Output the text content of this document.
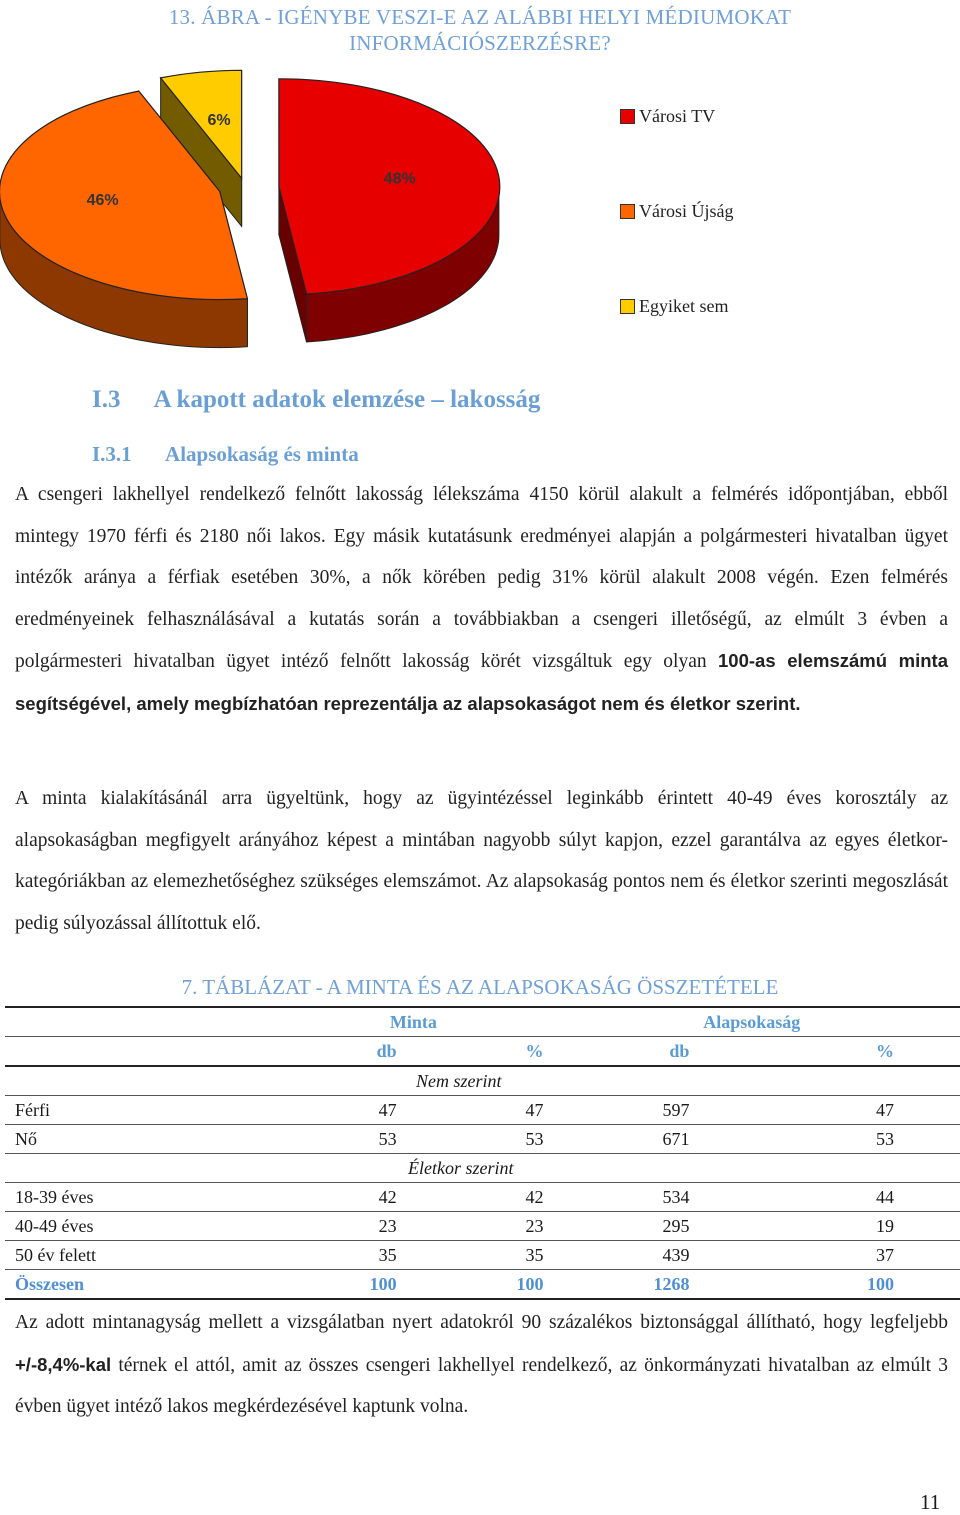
13. ÁBRA - IGÉNYBE VESZI-E AZ ALÁBBI HELYI MÉDIUMOKAT
INFORMÁCIÓSZERZÉSRE?
48%
46%
6%	Városi TV
Városi Újság
Egyiket sem
I.3 A kapott adatok elemzése – lakosság
I.3.1 Alapsokaság és minta
A csengeri lakhellyel rendelkező felnőtt lakosság lélekszáma 4150 körül alakult a felmérés időpontjában, ebből mintegy 1970 férfi és 2180 női lakos. Egy másik kutatásunk eredményei alapján a polgármesteri hivatalban ügyet intézők aránya a férfiak esetében 30%, a nők körében pedig 31% körül alakult 2008 végén. Ezen felmérés eredményeinek felhasználásával a kutatás során a továbbiakban a csengeri illetőségű, az elmúlt 3 évben a polgármesteri hivatalban ügyet intéző felnőtt lakosság körét vizsgáltuk egy olyan 100-as elemszámú minta segítségével, amely megbízhatóan reprezentálja az alapsokaságot nem és életkor szerint.
A minta kialakításánál arra ügyeltünk, hogy az ügyintézéssel leginkább érintett 40-49 éves korosztály az alapsokaságban megfigyelt arányához képest a mintában nagyobb súlyt kapjon, ezzel garantálva az egyes életkor-kategóriákban az elemezhetőséghez szükséges elemszámot. Az alapsokaság pontos nem és életkor szerinti megoszlását pedig súlyozással állítottuk elő.
7. TÁBLÁZAT - A MINTA ÉS AZ ALAPSOKASÁG ÖSSZETÉTELE
	Minta		Alapsokaság	
	db	%	db	%
Nem szerint				
Férfi	47	47	597	47
Nő	53	53	671	53
Életkor szerint				
18-39 éves	42	42	534	44
40-49 éves	23	23	295	19
50 év felett	35	35	439	37
Összesen	100	100	1268	100
Az adott mintanagyság mellett a vizsgálatban nyert adatokról 90 százalékos biztonsággal állítható, hogy legfeljebb +/-8,4%-kal térnek el attól, amit az összes csengeri lakhellyel rendelkező, az önkormányzati hivatalban az elmúlt 3 évben ügyet intéző lakos megkérdezésével kaptunk volna.
11
